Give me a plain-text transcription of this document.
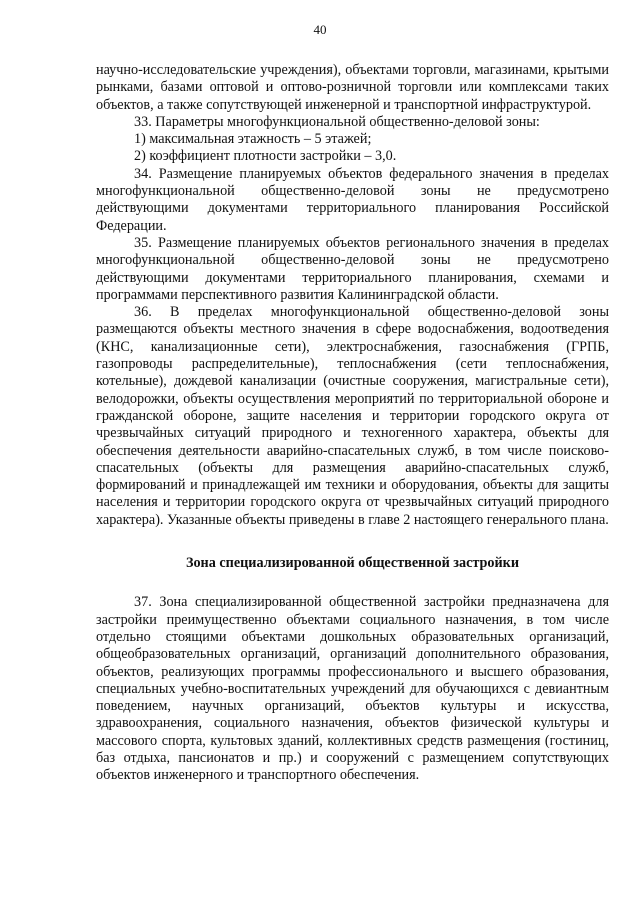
40

научно-исследовательские учреждения), объектами торговли, магазинами, крытыми рынками, базами оптовой и оптово-розничной торговли или комплексами таких объектов, а также сопутствующей инженерной и транспортной инфраструктурой.

33. Параметры многофункциональной общественно-деловой зоны:

1) максимальная этажность – 5 этажей;

2) коэффициент плотности застройки – 3,0.

34. Размещение планируемых объектов федерального значения в пределах многофункциональной общественно-деловой зоны не предусмотрено действующими документами территориального планирования Российской Федерации.

35. Размещение планируемых объектов регионального значения в пределах многофункциональной общественно-деловой зоны не предусмотрено действующими документами территориального планирования, схемами и программами перспективного развития Калининградской области.

36. В пределах многофункциональной общественно-деловой зоны размещаются объекты местного значения в сфере водоснабжения, водоотведения (КНС, канализационные сети), электроснабжения, газоснабжения (ГРПБ, газопроводы распределительные), теплоснабжения (сети теплоснабжения, котельные), дождевой канализации (очистные сооружения, магистральные сети), велодорожки, объекты осуществления мероприятий по территориальной обороне и гражданской обороне, защите населения и территории городского округа от чрезвычайных ситуаций природного и техногенного характера, объекты для обеспечения деятельности аварийно-спасательных служб, в том числе поисково-спасательных (объекты для размещения аварийно-спасательных служб, формирований и принадлежащей им техники и оборудования, объекты для защиты населения и территории городского округа от чрезвычайных ситуаций природного характера). Указанные объекты приведены в главе 2 настоящего генерального плана.

Зона специализированной общественной застройки

37. Зона специализированной общественной застройки предназначена для застройки преимущественно объектами социального назначения, в том числе отдельно стоящими объектами дошкольных образовательных организаций, общеобразовательных организаций, организаций дополнительного образования, объектов, реализующих программы профессионального и высшего образования, специальных учебно-воспитательных учреждений для обучающихся с девиантным поведением, научных организаций, объектов культуры и искусства, здравоохранения, социального назначения, объектов физической культуры и массового спорта, культовых зданий, коллективных средств размещения (гостиниц, баз отдыха, пансионатов и пр.) и сооружений с размещением сопутствующих объектов инженерного и транспортного обеспечения.
